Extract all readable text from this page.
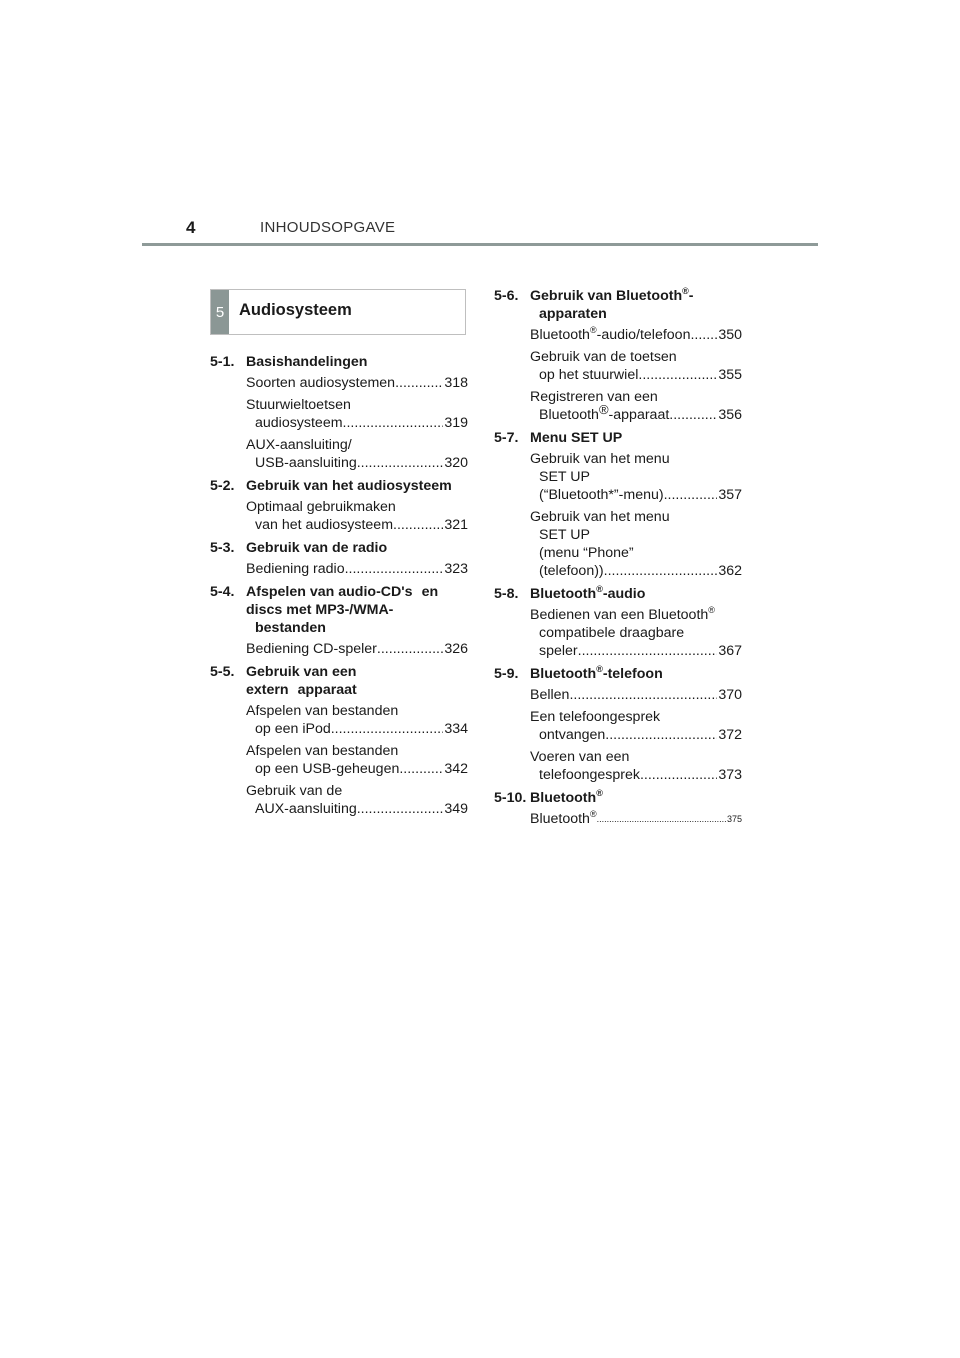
4	INHOUDSOPGAVE
5 Audiosysteem
5-1. Basishandelingen
Soorten audiosystemen .....	318
Stuurwieltoetsen
audiosysteem .....	319
AUX-aansluiting/
USB-aansluiting .....	320
5-2. Gebruik van het audiosysteem
Optimaal gebruikmaken
van het audiosysteem .....	321
5-3. Gebruik van de radio
Bediening radio .....	323
5-4. Afspelen van audio-CD's en discs met MP3-/WMA-bestanden
Bediening CD-speler .....	326
5-5. Gebruik van een extern apparaat
Afspelen van bestanden
op een iPod .....	334
Afspelen van bestanden
op een USB-geheugen .....	342
Gebruik van de
AUX-aansluiting .....	349
5-6. Gebruik van Bluetooth®-apparaten
Bluetooth®-audio/telefoon ..... 350
Gebruik van de toetsen
op het stuurwiel .....	355
Registreren van een
Bluetooth®-apparaat .....	356
5-7. Menu SET UP
Gebruik van het menu
SET UP
(“Bluetooth*”-menu) .....	357
Gebruik van het menu
SET UP
(menu “Phone”
(telefoon)) .....	362
5-8. Bluetooth®-audio
Bedienen van een Bluetooth®
compatibele draagbare
speler .....	367
5-9. Bluetooth®-telefoon
Bellen .....	370
Een telefoongesprek
ontvangen .....	372
Voeren van een
telefoongesprek .....	373
5-10. Bluetooth®
Bluetooth® .....	375
